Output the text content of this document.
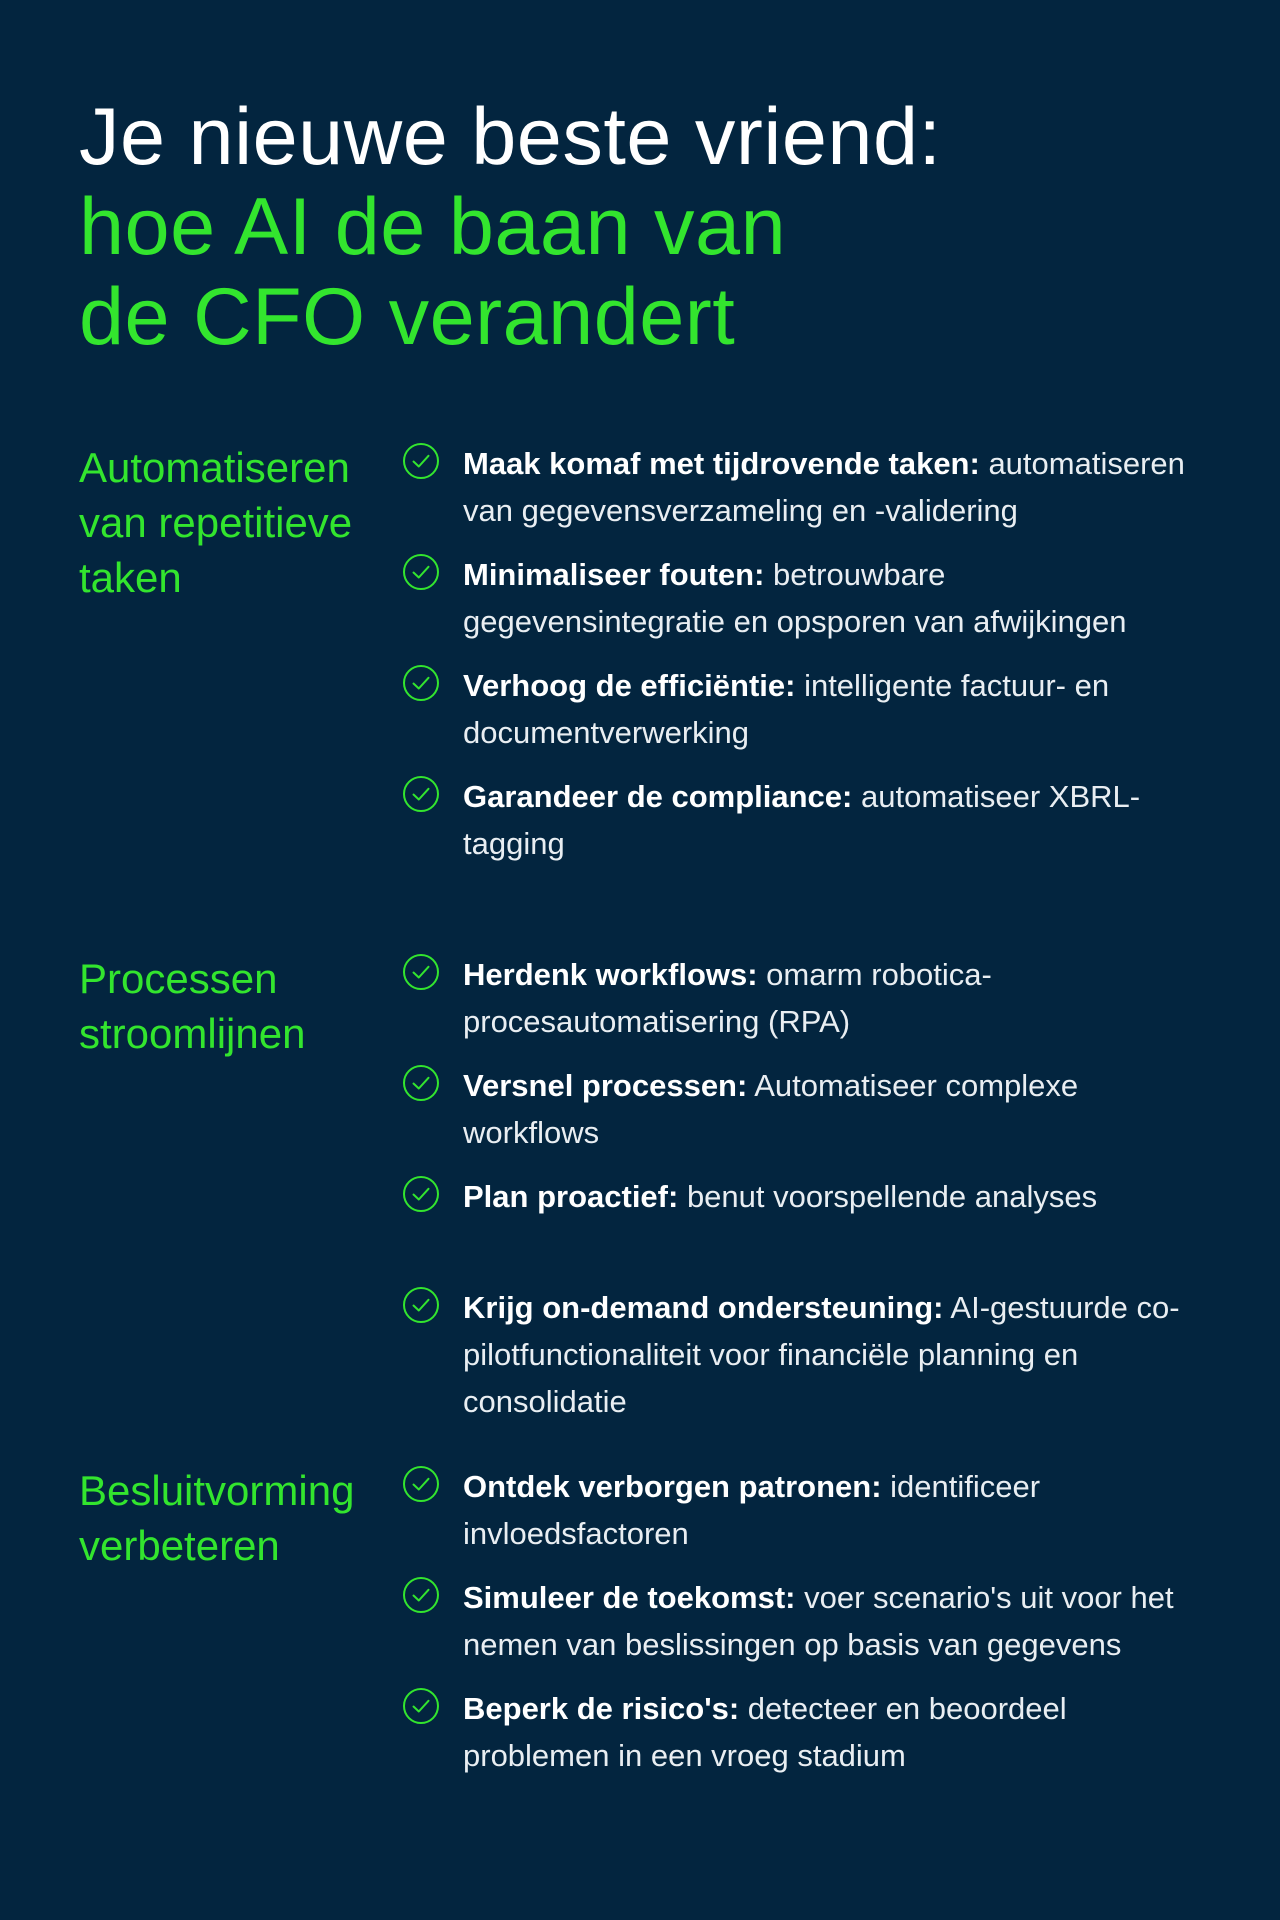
Je nieuwe beste vriend:
hoe AI de baan van
de CFO verandert
Automatiseren van repetitieve taken
Maak komaf met tijdrovende taken: automatiseren van gegevensverzameling en -validering
Minimaliseer fouten: betrouwbare gegevensintegratie en opsporen van afwijkingen
Verhoog de efficiëntie: intelligente factuur- en documentverwerking
Garandeer de compliance: automatiseer XBRL-tagging
Processen stroomlijnen
Herdenk workflows: omarm robotica-procesautomatisering (RPA)
Versnel processen: Automatiseer complexe workflows
Plan proactief: benut voorspellende analyses
Krijg on-demand ondersteuning: AI-gestuurde co-pilotfunctionaliteit voor financiële planning en consolidatie
Besluitvorming verbeteren
Ontdek verborgen patronen: identificeer invloedsfactoren
Simuleer de toekomst: voer scenario's uit voor het nemen van beslissingen op basis van gegevens
Beperk de risico's: detecteer en beoordeel problemen in een vroeg stadium
